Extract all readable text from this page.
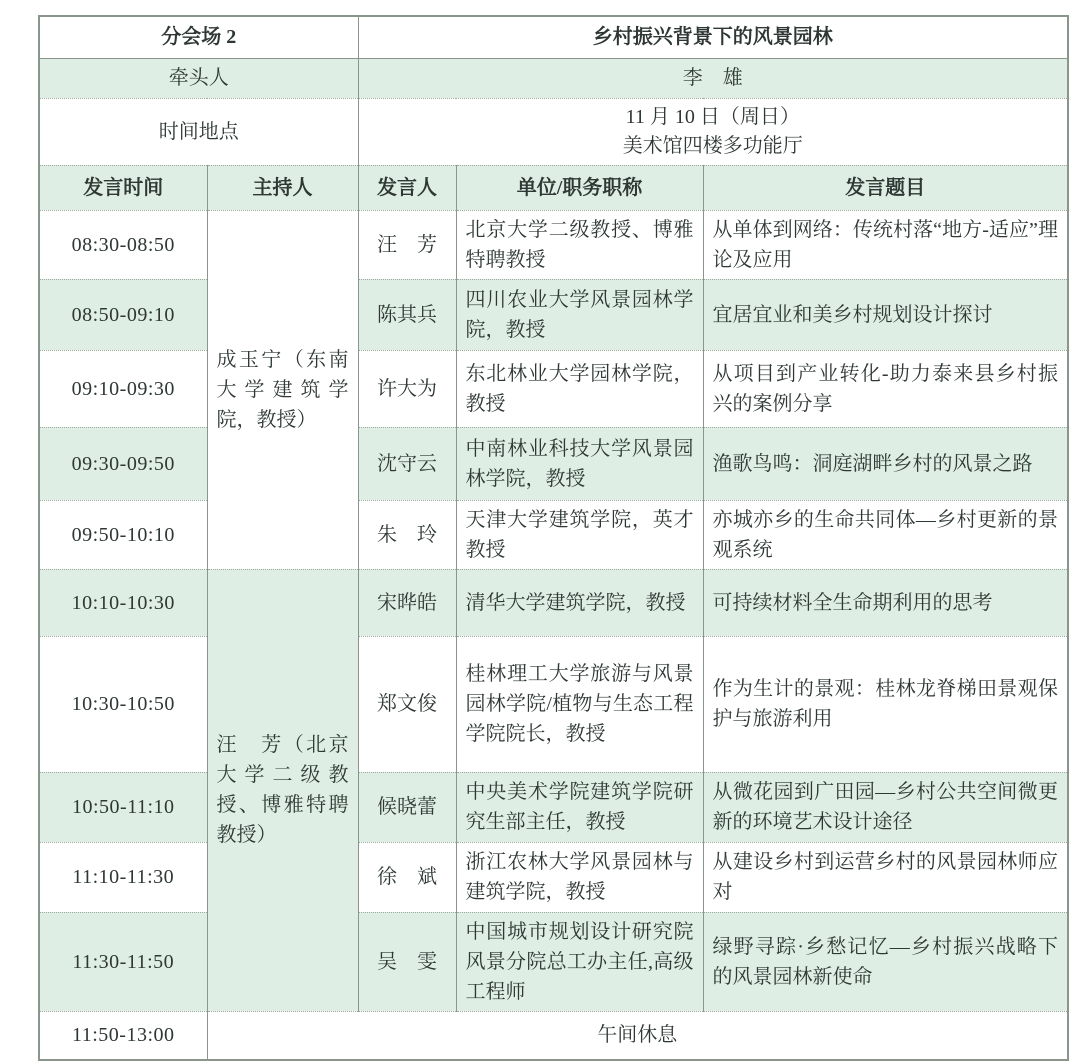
分会场 2		乡村振兴背景下的风景园林		
牵头人		李　雄		
时间地点		11 月 10 日（周日）
美术馆四楼多功能厅		

发言时间	主持人	发言人	单位/职务职称	发言题目
08:30-08:50	成玉宁（东南大学建筑学院，教授）	汪　芳	北京大学二级教授、博雅特聘教授	从单体到网络：传统村落“地方-适应”理论及应用
08:50-09:10		陈其兵	四川农业大学风景园林学院，教授	宜居宜业和美乡村规划设计探讨
09:10-09:30		许大为	东北林业大学园林学院，教授	从项目到产业转化-助力泰来县乡村振兴的案例分享
09:30-09:50		沈守云	中南林业科技大学风景园林学院，教授	渔歌鸟鸣：洞庭湖畔乡村的风景之路
09:50-10:10		朱　玲	天津大学建筑学院，英才教授	亦城亦乡的生命共同体—乡村更新的景观系统
10:10-10:30	汪　芳（北京大学二级教授、博雅特聘教授）	宋晔皓	清华大学建筑学院，教授	可持续材料全生命期利用的思考
10:30-10:50		郑文俊	桂林理工大学旅游与风景园林学院/植物与生态工程学院院长，教授	作为生计的景观：桂林龙脊梯田景观保护与旅游利用
10:50-11:10		候晓蕾	中央美术学院建筑学院研究生部主任，教授	从微花园到广田园—乡村公共空间微更新的环境艺术设计途径
11:10-11:30		徐　斌	浙江农林大学风景园林与建筑学院，教授	从建设乡村到运营乡村的风景园林师应对
11:30-11:50		吴　雯	中国城市规划设计研究院风景分院总工办主任,高级工程师	绿野寻踪·乡愁记忆—乡村振兴战略下的风景园林新使命
11:50-13:00	午间休息			
